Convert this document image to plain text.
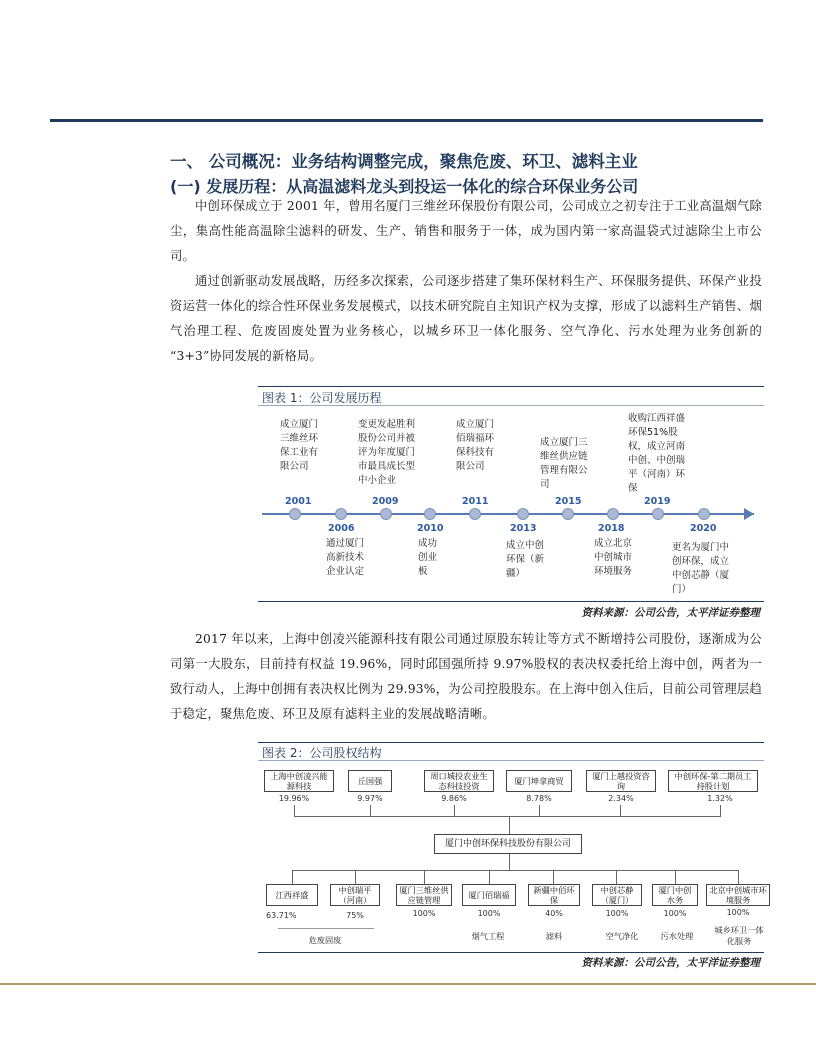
一、 公司概况：业务结构调整完成，聚焦危废、环卫、滤料主业
(一) 发展历程：从高温滤料龙头到投运一体化的综合环保业务公司
中创环保成立于 2001 年，曾用名厦门三维丝环保股份有限公司，公司成立之初专注于工业高温烟气除尘，集高性能高温除尘滤料的研发、生产、销售和服务于一体，成为国内第一家高温袋式过滤除尘上市公司。
通过创新驱动发展战略，历经多次探索，公司逐步搭建了集环保材料生产、环保服务提供、环保产业投资运营一体化的综合性环保业务发展模式，以技术研究院自主知识产权为支撑，形成了以滤料生产销售、烟气治理工程、危废固废处置为业务核心，以城乡环卫一体化服务、空气净化、污水处理为业务创新的 “3+3”协同发展的新格局。
图表 1：公司发展历程
成立厦门三维丝环保工业有限公司
2001
变更发起胜利股份公司并被评为年度厦门市最具成长型中小企业
2009
成立厦门佰瑞福环保科技有限公司
2011
成立厦门三维丝供应链管理有限公司
2015
收购江西祥盛环保51%股权，成立河南中创、中创瑞平（河南）环保
2019
2006
通过厦门高新技术企业认定
2010
成功创业板
2013
成立中创环保（新疆）
2018
成立北京中创城市环境服务
2020
更名为厦门中创环保，成立中创芯静（厦门）
资料来源：公司公告，太平洋证券整理
2017 年以来，上海中创凌兴能源科技有限公司通过原股东转让等方式不断增持公司股份，逐渐成为公司第一大股东，目前持有权益 19.96%，同时邱国强所持 9.97%股权的表决权委托给上海中创，两者为一致行动人，上海中创拥有表决权比例为 29.93%，为公司控股股东。在上海中创入住后，目前公司管理层趋于稳定，聚焦危废、环卫及原有滤料主业的发展战略清晰。
图表 2：公司股权结构
上海中创凌兴能源科技
19.96%
丘国强
9.97%
周口城投农业生态科技投资
9.86%
厦门坤拿商贸
8.78%
厦门上越投资咨询
2.34%
中创环保-第二期员工持股计划
1.32%
厦门中创环保科技股份有限公司
江西祥盛
63.71%
中创瑞平（河南）
75%
厦门三维丝供应链管理
100%
厦门佰瑞福
100%
新疆中佰环保
40%
中创芯静（厦门）
100%
厦门中创水务
100%
北京中创城市环境服务
100%
危废固废	烟气工程	滤料	空气净化	污水处理
城乡环卫一体化服务
资料来源：公司公告，太平洋证券整理
